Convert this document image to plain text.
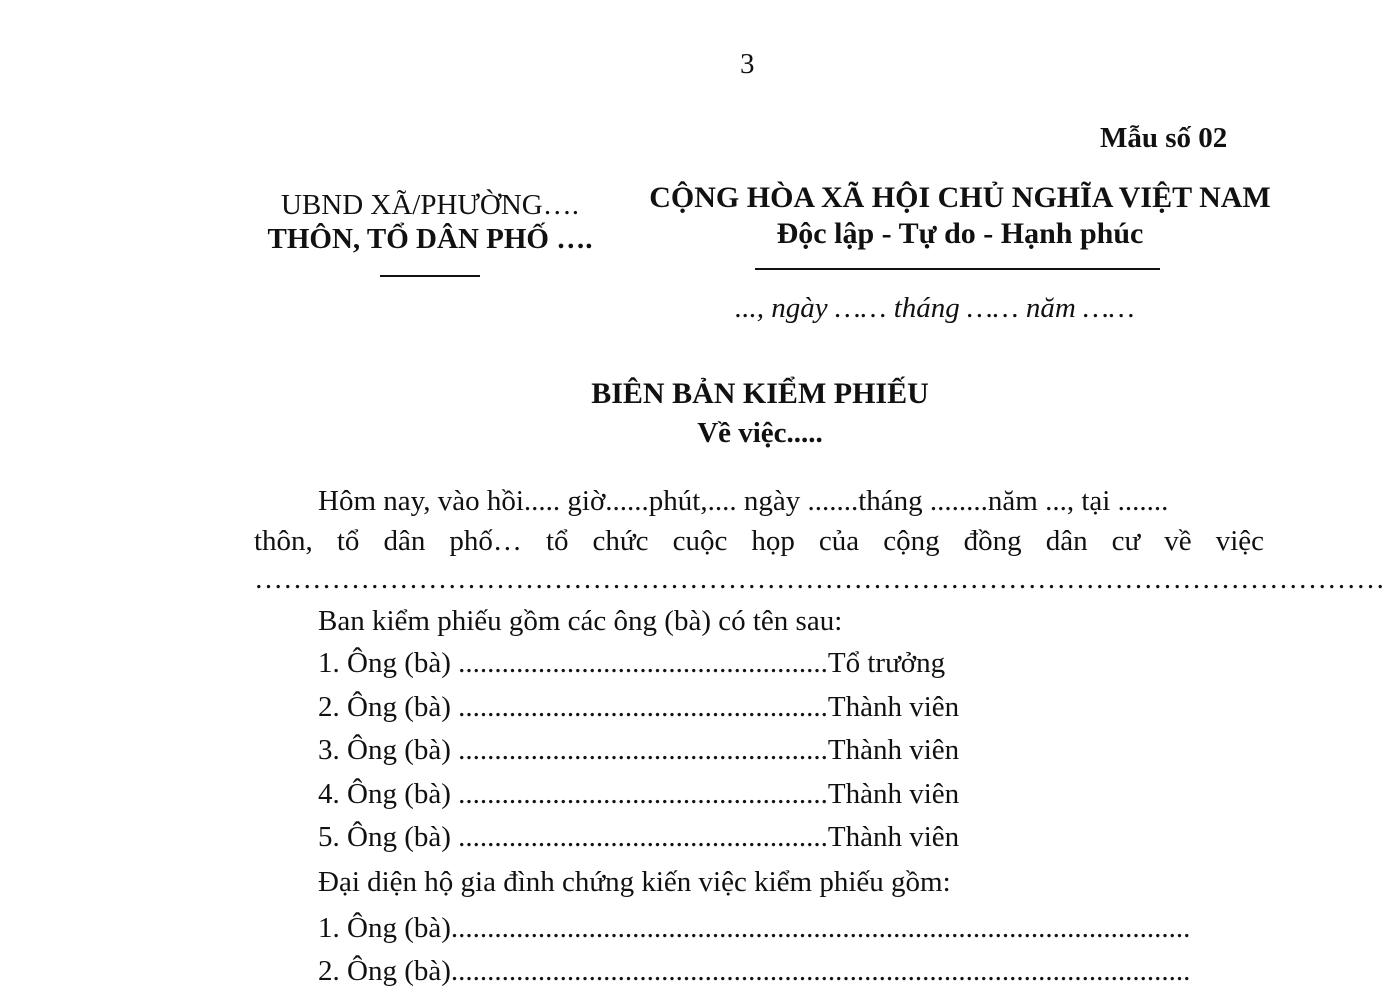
3
Mẫu số 02
UBND XÃ/PHƯỜNG….
THÔN, TỔ DÂN PHỐ ….
CỘNG HÒA XÃ HỘI CHỦ NGHĨA VIỆT NAM
Độc lập - Tự do - Hạnh phúc
..., ngày …… tháng …… năm ……
BIÊN BẢN KIỂM PHIẾU
Về việc.....
Hôm nay, vào hồi..... giờ......phút,.... ngày .......tháng ........năm ..., tại .......
thôn, tổ dân phố… tổ chức cuộc họp của cộng đồng dân cư về việc
………………………………………………………………………………………………………
Ban kiểm phiếu gồm các ông (bà) có tên sau:
1. Ông (bà) ...................................................Tổ trưởng
2. Ông (bà) ...................................................Thành viên
3. Ông (bà) ...................................................Thành viên
4. Ông (bà) ...................................................Thành viên
5. Ông (bà) ...................................................Thành viên
Đại diện hộ gia đình chứng kiến việc kiểm phiếu gồm:
1. Ông (bà)......................................................................................................
2. Ông (bà)......................................................................................................
